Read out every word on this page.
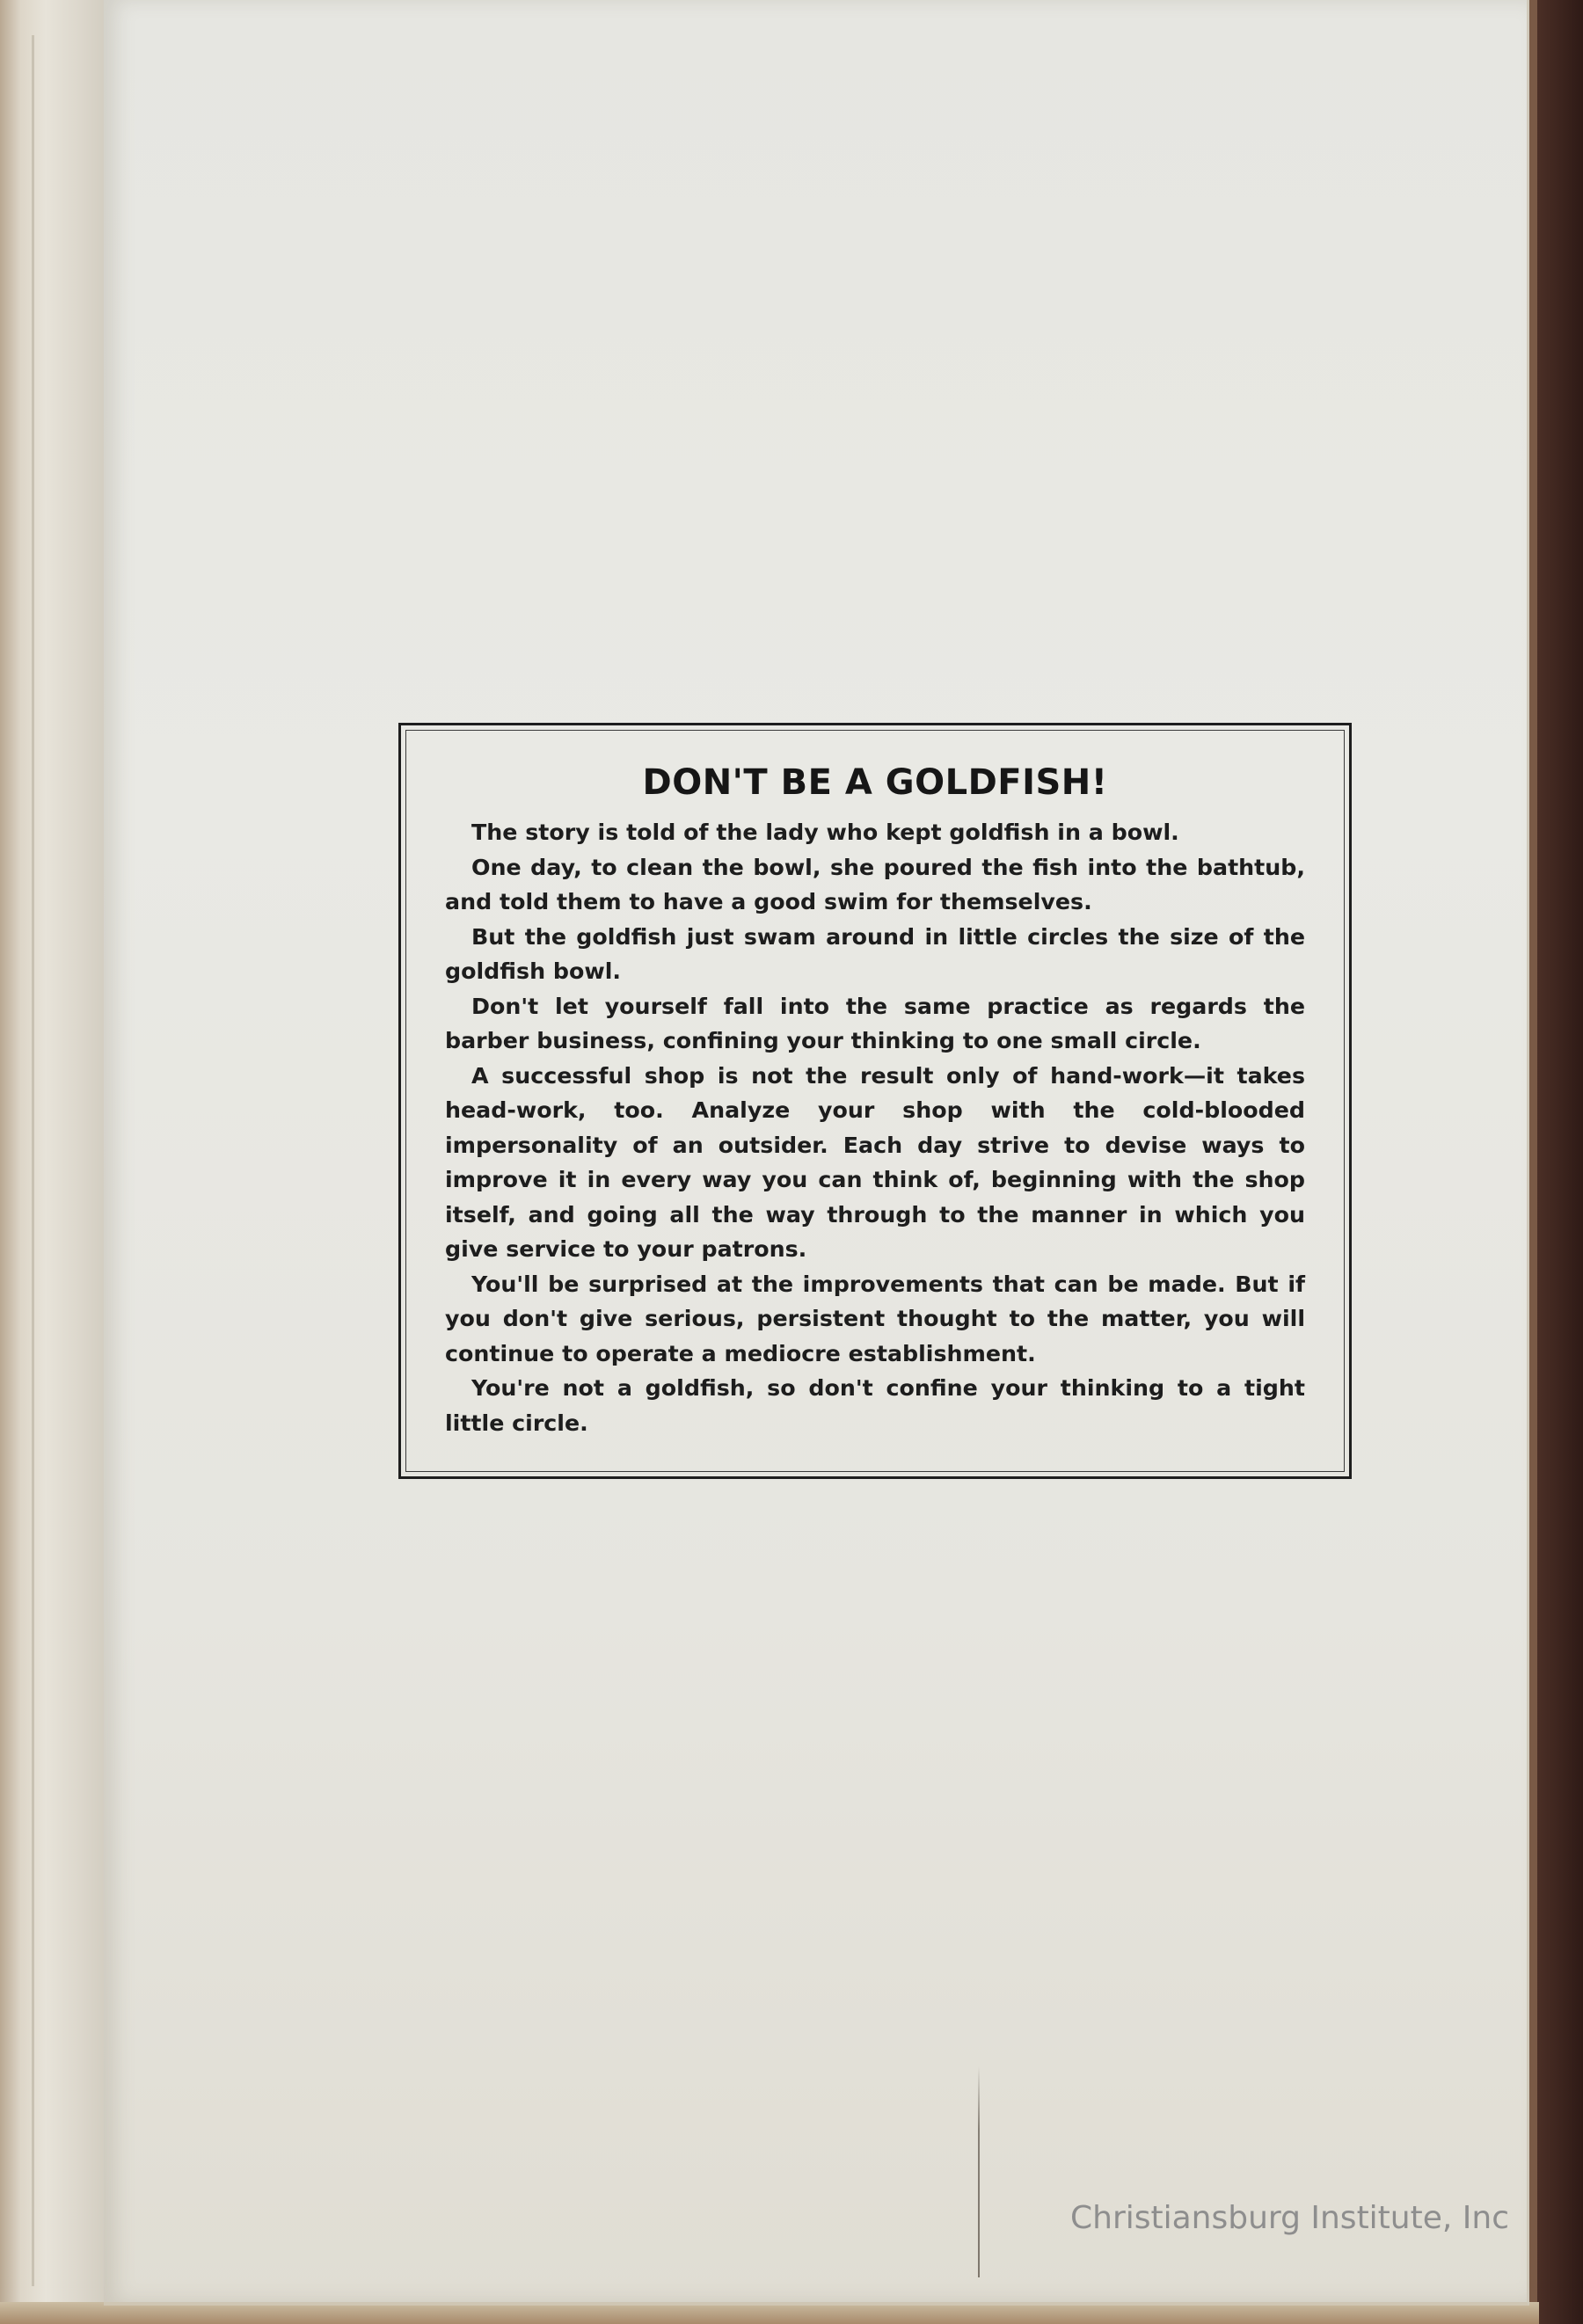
DON'T BE A GOLDFISH!

The story is told of the lady who kept goldfish in a bowl.

One day, to clean the bowl, she poured the fish into the bathtub, and told them to have a good swim for themselves.

But the goldfish just swam around in little circles the size of the goldfish bowl.

Don't let yourself fall into the same practice as regards the barber business, confining your thinking to one small circle.

A successful shop is not the result only of hand-work—it takes head-work, too. Analyze your shop with the cold-blooded impersonality of an outsider. Each day strive to devise ways to improve it in every way you can think of, beginning with the shop itself, and going all the way through to the manner in which you give service to your patrons.

You'll be surprised at the improvements that can be made. But if you don't give serious, persistent thought to the matter, you will continue to operate a mediocre establishment.

You're not a goldfish, so don't confine your thinking to a tight little circle.

Christiansburg Institute, Inc
